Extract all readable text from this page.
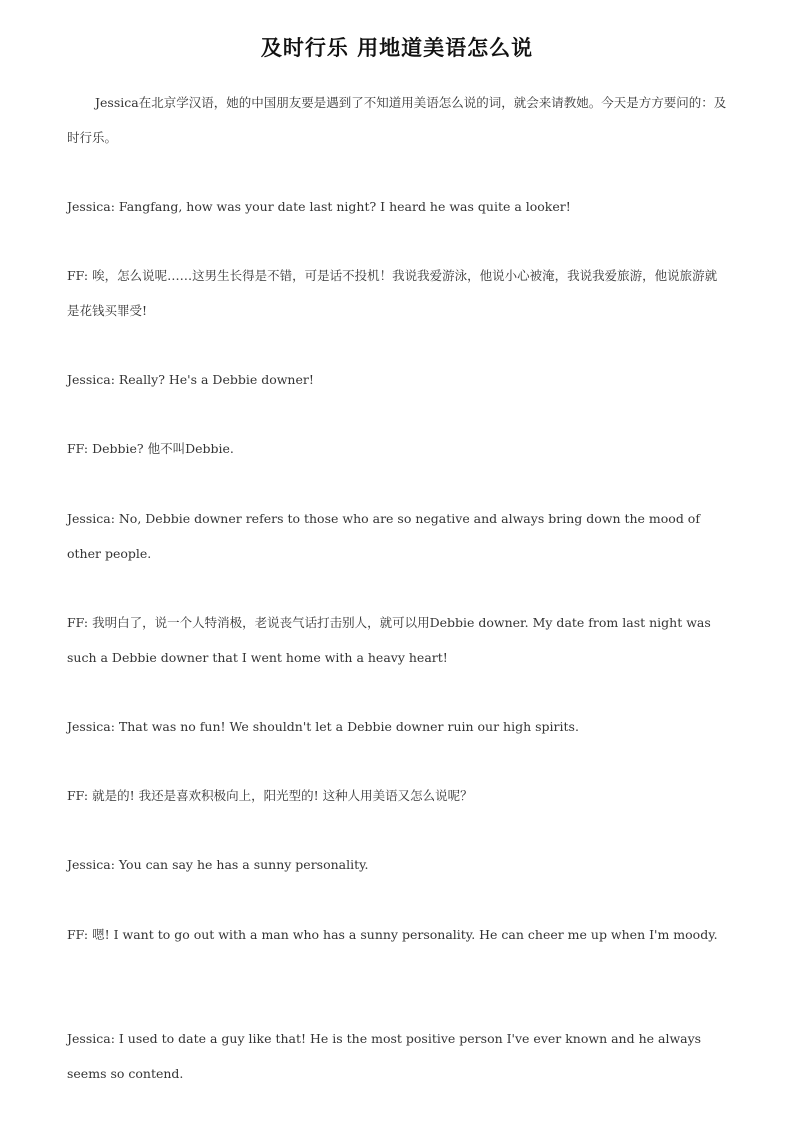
及时行乐 用地道美语怎么说

Jessica在北京学汉语，她的中国朋友要是遇到了不知道用美语怎么说的词，就会来请教她。今天是方方要问的：及时行乐。

Jessica: Fangfang, how was your date last night? I heard he was quite a looker!

FF: 唉，怎么说呢……这男生长得是不错，可是话不投机！我说我爱游泳，他说小心被淹，我说我爱旅游，他说旅游就是花钱买罪受!

Jessica: Really? He's a Debbie downer!

FF: Debbie? 他不叫Debbie.

Jessica: No, Debbie downer refers to those who are so negative and always bring down the mood of other people.

FF: 我明白了，说一个人特消极，老说丧气话打击别人，就可以用Debbie downer. My date from last night was such a Debbie downer that I went home with a heavy heart!

Jessica: That was no fun! We shouldn't let a Debbie downer ruin our high spirits.

FF: 就是的! 我还是喜欢积极向上，阳光型的! 这种人用美语又怎么说呢？

Jessica: You can say he has a sunny personality.

FF: 嗯! I want to go out with a man who has a sunny personality. He can cheer me up when I'm moody.

Jessica: I used to date a guy like that! He is the most positive person I've ever known and he always seems so contend.
